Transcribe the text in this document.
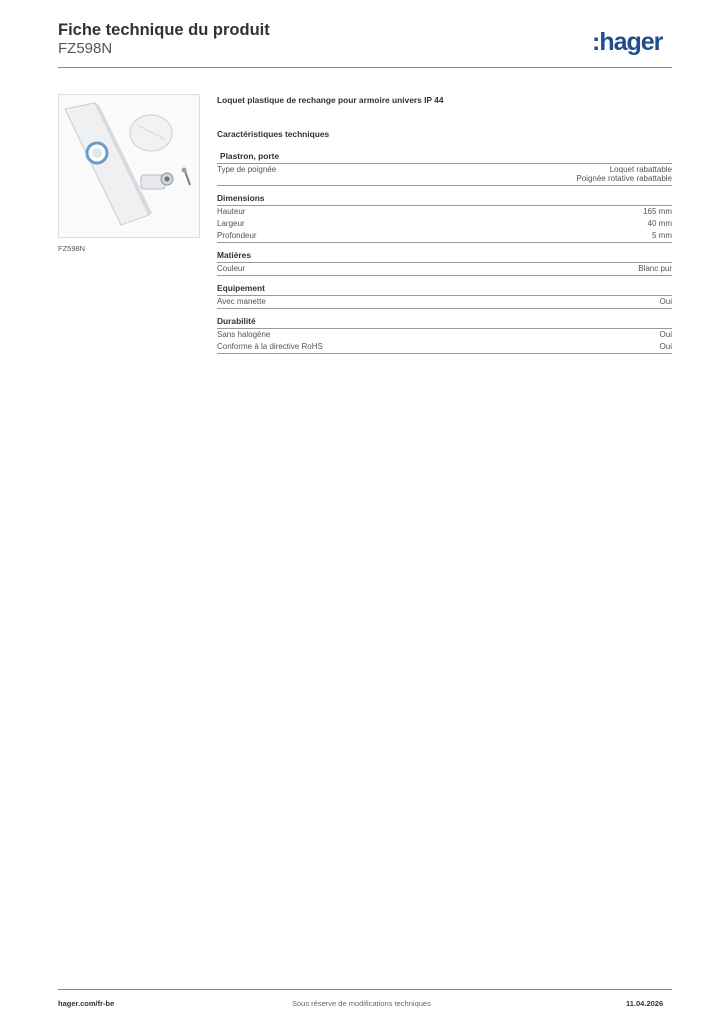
Fiche technique du produit
FZ598N	:hager
FZ598N
Loquet plastique de rechange pour armoire univers IP 44
Caractéristiques techniques
Plastron, porte
Type de poignée	Loquet rabattable
Poignée rotative rabattable
Dimensions
Hauteur	165 mm
Largeur	40 mm
Profondeur	5 mm
Matières
Couleur	Blanc pur
Equipement
Avec manette	Oui
Durabilité
Sans halogène	Oui
Conforme à la directive RoHS	Oui
hager.com/fr-be	Sous réserve de modifications techniques	11.04.2026
